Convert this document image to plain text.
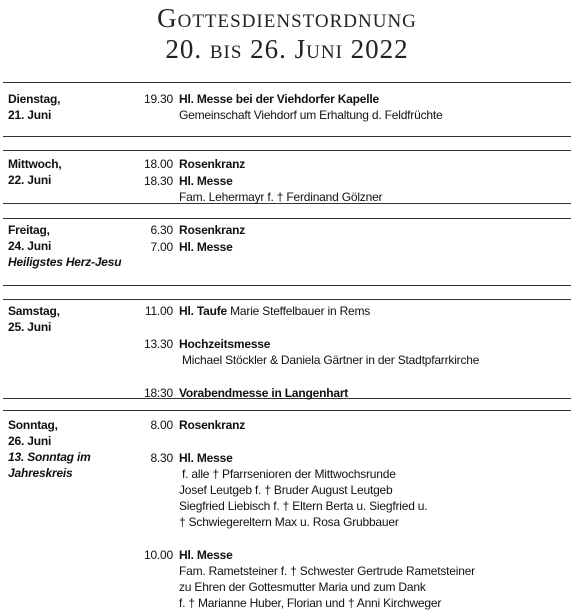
Gottesdienstordnung
20. bis 26. Juni 2022
Dienstag,
21. Juni
19.30 Hl. Messe bei der Viehdorfer Kapelle
Gemeinschaft Viehdorf um Erhaltung d. Feldfrüchte
Mittwoch,
22. Juni
18.00 Rosenkranz
18.30 Hl. Messe
Fam. Lehermayr f. † Ferdinand Gölzner
Freitag,
24. Juni
Heiligstes Herz-Jesu
6.30 Rosenkranz
7.00 Hl. Messe
Samstag,
25. Juni
11.00 Hl. Taufe Marie Steffelbauer in Rems
13.30 Hochzeitsmesse
Michael Stöckler & Daniela Gärtner in der Stadtpfarrkirche
18:30 Vorabendmesse in Langenhart
Sonntag,
26. Juni
13. Sonntag im
Jahreskreis
8.00 Rosenkranz
8.30 Hl. Messe
f. alle † Pfarrsenioren der Mittwochsrunde
Josef Leutgeb f. † Bruder August Leutgeb
Siegfried Liebisch f. † Eltern Berta u. Siegfried u.
† Schwiegereltern Max u. Rosa Grubbauer
10.00 Hl. Messe
Fam. Rametsteiner f. † Schwester Gertrude Rametsteiner
zu Ehren der Gottesmutter Maria und zum Dank
f. † Marianne Huber, Florian und † Anni Kirchweger
